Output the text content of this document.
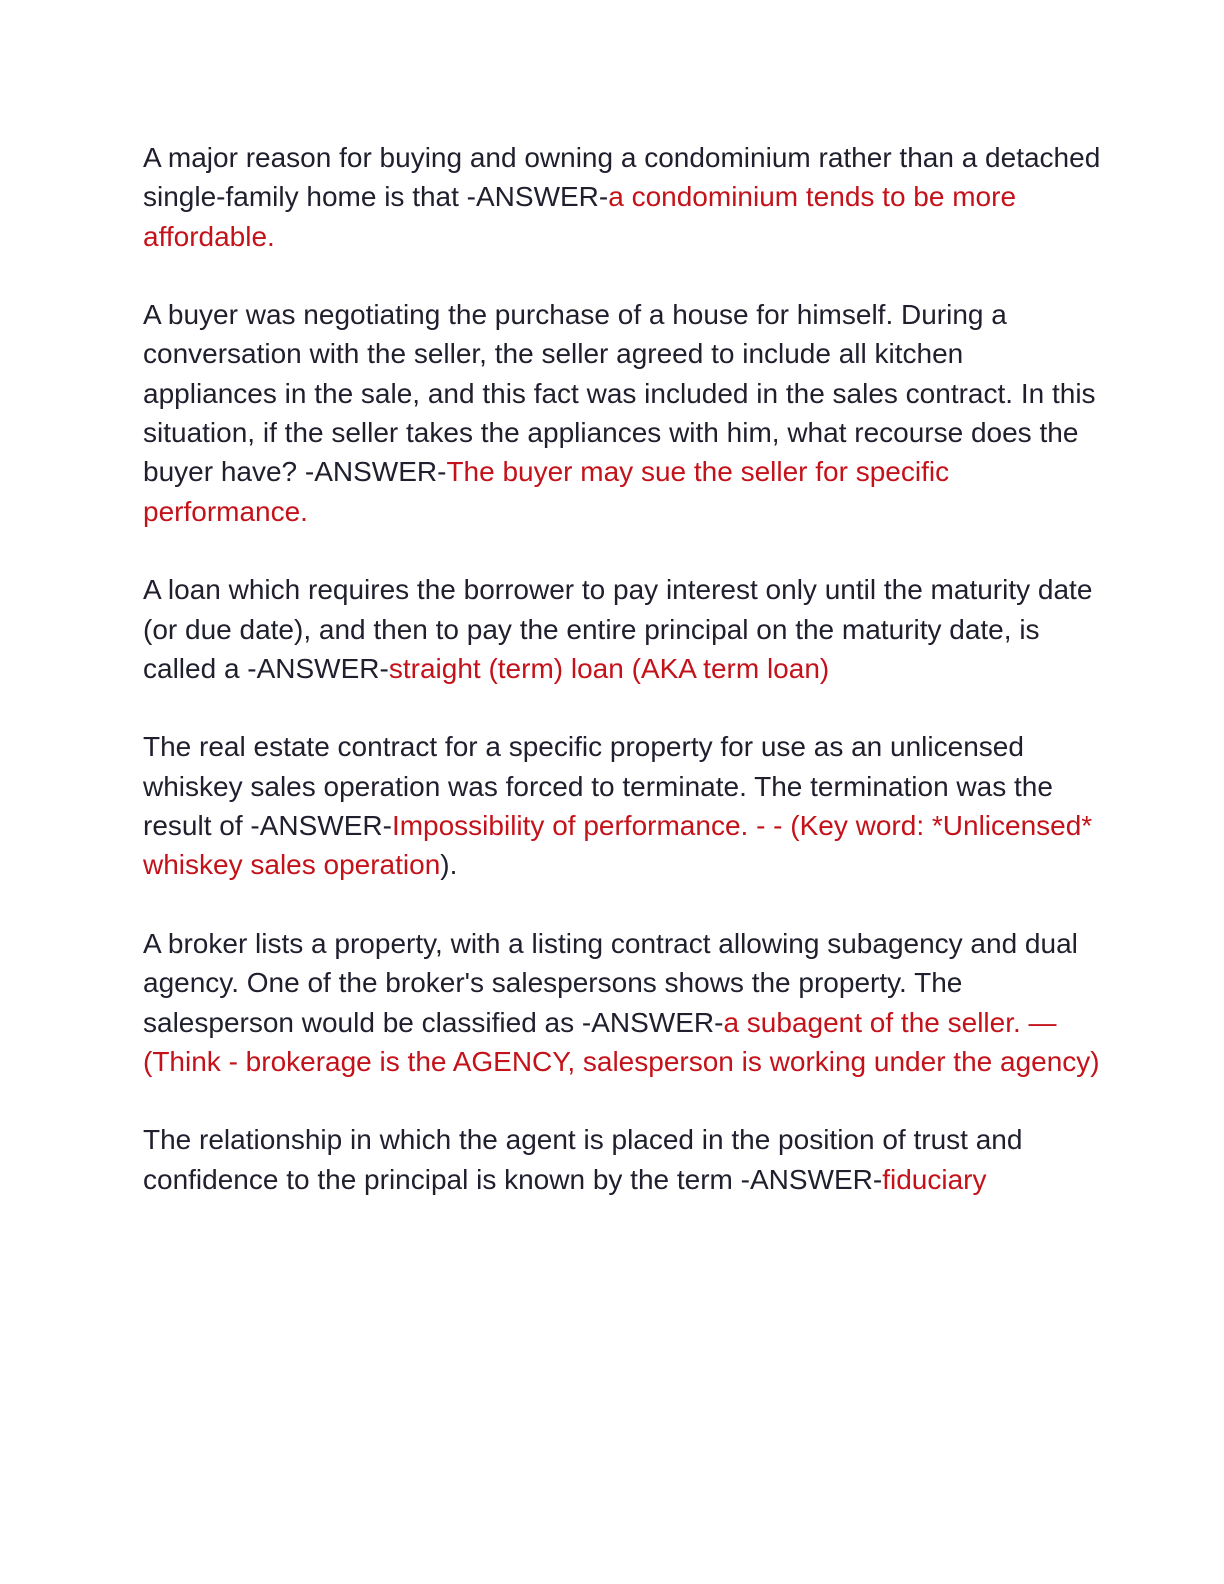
A major reason for buying and owning a condominium rather than a detached single-family home is that -ANSWER-a condominium tends to be more affordable.

A buyer was negotiating the purchase of a house for himself. During a conversation with the seller, the seller agreed to include all kitchen appliances in the sale, and this fact was included in the sales contract. In this situation, if the seller takes the appliances with him, what recourse does the buyer have? -ANSWER-The buyer may sue the seller for specific performance.

A loan which requires the borrower to pay interest only until the maturity date (or due date), and then to pay the entire principal on the maturity date, is called a -ANSWER-straight (term) loan (AKA term loan)

The real estate contract for a specific property for use as an unlicensed whiskey sales operation was forced to terminate. The termination was the result of -ANSWER-Impossibility of performance. - - (Key word: *Unlicensed* whiskey sales operation).

A broker lists a property, with a listing contract allowing subagency and dual agency. One of the broker's salespersons shows the property. The salesperson would be classified as -ANSWER-a subagent of the seller. — (Think - brokerage is the AGENCY, salesperson is working under the agency)

The relationship in which the agent is placed in the position of trust and confidence to the principal is known by the term -ANSWER-fiduciary
